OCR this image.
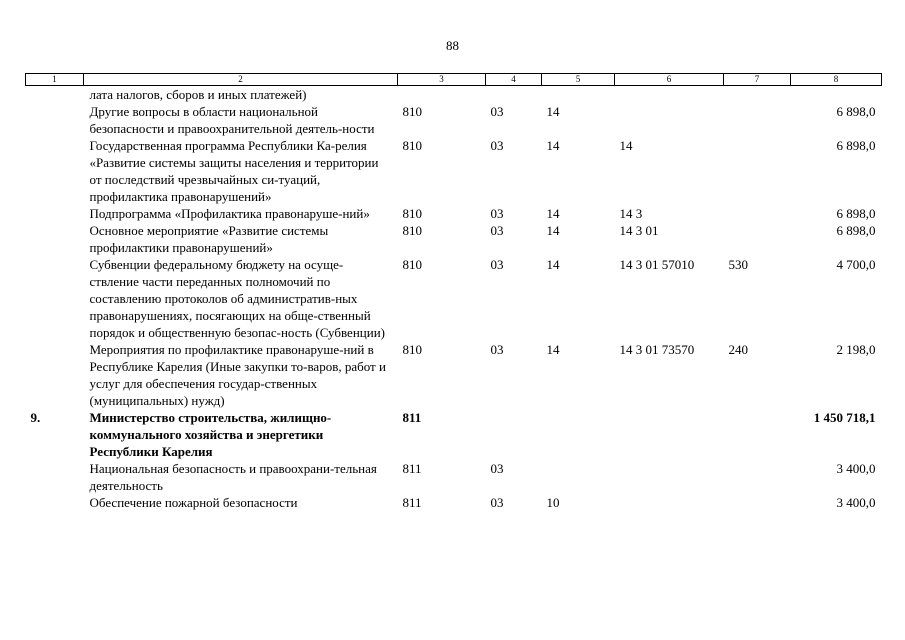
88
1	2	3	4	5	6	7	8
	лата налогов, сборов и иных платежей)						
	Другие вопросы в области национальной безопасности и правоохранительной деятель-ности	810	03	14			6 898,0
	Государственная программа Республики Ка-релия «Развитие системы защиты населения и территории от последствий чрезвычайных си-туаций, профилактика правонарушений»	810	03	14	14		6 898,0
	Подпрограмма «Профилактика правонаруше-ний»	810	03	14	14 3		6 898,0
	Основное мероприятие «Развитие системы профилактики правонарушений»	810	03	14	14 3 01		6 898,0
	Субвенции федеральному бюджету на осуще-ствление части переданных полномочий по составлению протоколов об административ-ных правонарушениях, посягающих на обще-ственный порядок и общественную безопас-ность (Субвенции)	810	03	14	14 3 01 57010	530	4 700,0
	Мероприятия по профилактике правонаруше-ний в Республике Карелия (Иные закупки то-варов, работ и услуг для обеспечения государ-ственных (муниципальных) нужд)	810	03	14	14 3 01 73570	240	2 198,0
9.	Министерство строительства, жилищно-коммунального хозяйства и энергетики Республики Карелия	811					1 450 718,1
	Национальная безопасность и правоохрани-тельная деятельность	811	03				3 400,0
	Обеспечение пожарной безопасности	811	03	10			3 400,0
